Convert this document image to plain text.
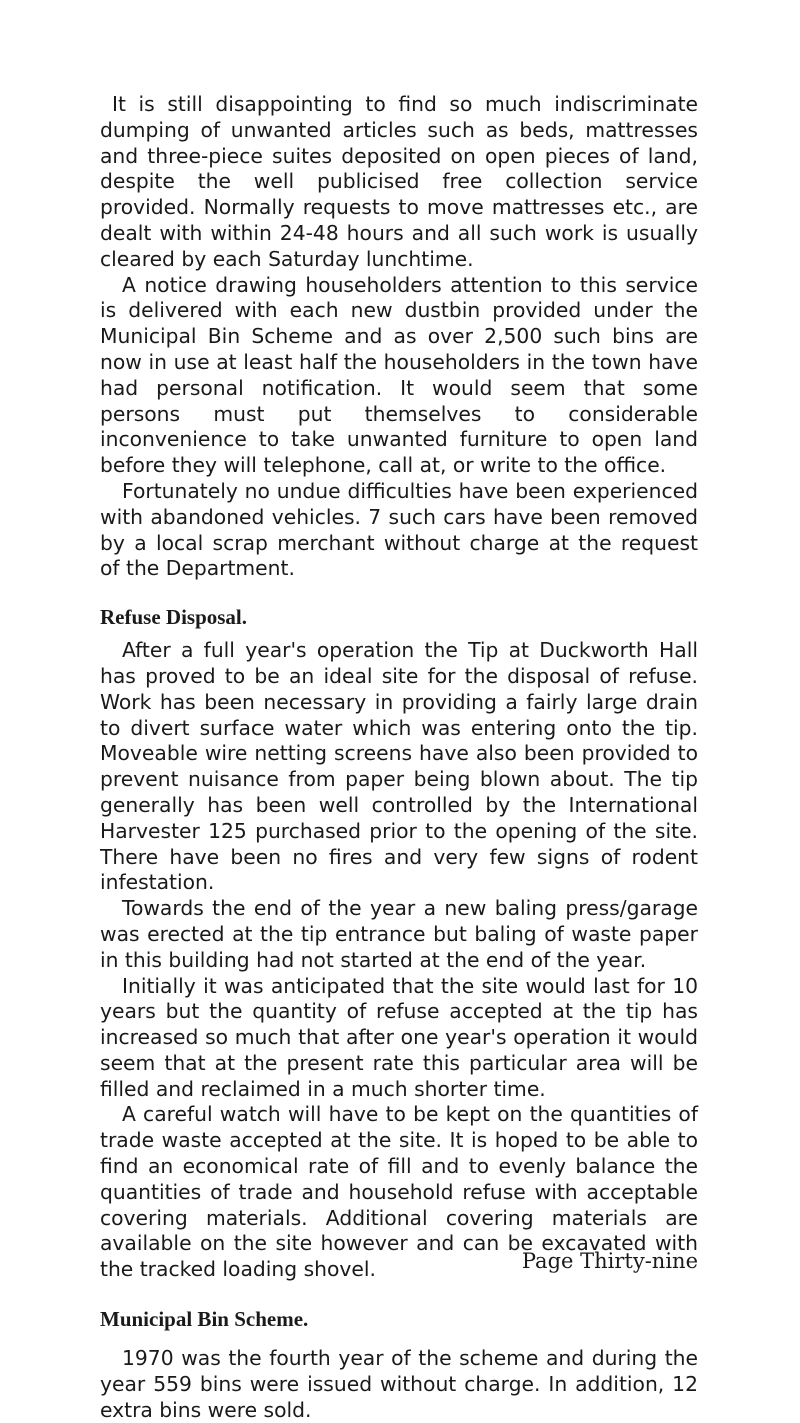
It is still disappointing to find so much indiscriminate dumping of unwanted articles such as beds, mattresses and three-piece suites deposited on open pieces of land, despite the well publicised free collection service provided. Normally requests to move mattresses etc., are dealt with within 24-48 hours and all such work is usually cleared by each Saturday lunchtime.

A notice drawing householders attention to this service is delivered with each new dustbin provided under the Municipal Bin Scheme and as over 2,500 such bins are now in use at least half the householders in the town have had personal notification. It would seem that some persons must put themselves to considerable inconvenience to take unwanted furniture to open land before they will telephone, call at, or write to the office.

Fortunately no undue difficulties have been experienced with abandoned vehicles. 7 such cars have been removed by a local scrap merchant without charge at the request of the Department.

Refuse Disposal.

After a full year's operation the Tip at Duckworth Hall has proved to be an ideal site for the disposal of refuse. Work has been necessary in providing a fairly large drain to divert surface water which was entering onto the tip. Moveable wire netting screens have also been provided to prevent nuisance from paper being blown about. The tip generally has been well controlled by the International Harvester 125 purchased prior to the opening of the site. There have been no fires and very few signs of rodent infestation.

Towards the end of the year a new baling press/garage was erected at the tip entrance but baling of waste paper in this building had not started at the end of the year.

Initially it was anticipated that the site would last for 10 years but the quantity of refuse accepted at the tip has increased so much that after one year's operation it would seem that at the present rate this particular area will be filled and reclaimed in a much shorter time.

A careful watch will have to be kept on the quantities of trade waste accepted at the site. It is hoped to be able to find an economical rate of fill and to evenly balance the quantities of trade and household refuse with acceptable covering materials. Additional covering materials are available on the site however and can be excavated with the tracked loading shovel.

Municipal Bin Scheme.

1970 was the fourth year of the scheme and during the year 559 bins were issued without charge. In addition, 12 extra bins were sold.

Page Thirty-nine
